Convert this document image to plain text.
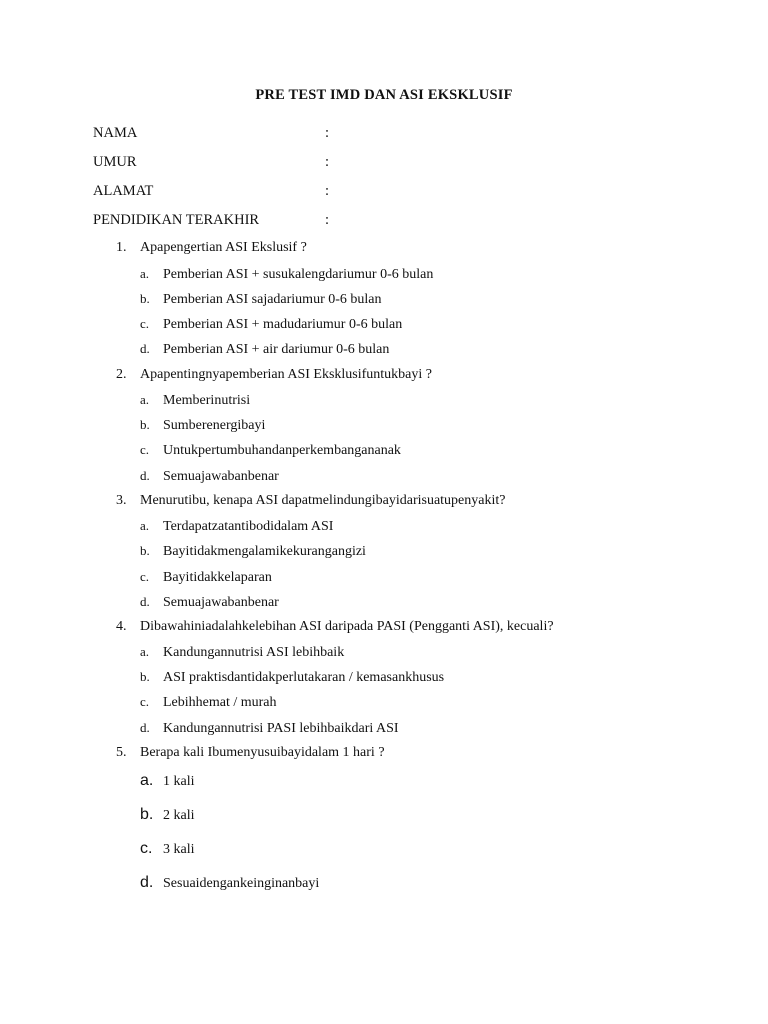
PRE TEST IMD DAN ASI EKSKLUSIF
NAMA	:
UMUR	:
ALAMAT	:
PENDIDIKAN TERAKHIR	:
1. Apapengertian ASI Ekslusif ?
a. Pemberian ASI + susukalengdariumur 0-6 bulan
b. Pemberian ASI sajadariumur 0-6 bulan
c. Pemberian ASI + madudariumur 0-6 bulan
d. Pemberian ASI + air dariumur 0-6 bulan
2. Apapentingnyapemberian ASI Eksklusifuntukbayi ?
a. Memberinutrisi
b. Sumberenergibayi
c. Untukpertumbuhandanperkembangananak
d. Semuajawabanbenar
3. Menurutibu, kenapa ASI dapatmelindungibayidarisuatupenyakit?
a. Terdapatzatantibodidalam ASI
b. Bayitidakmengalamikekurangangizi
c. Bayitidakkelaparan
d. Semuajawabanbenar
4. Dibawahiniadalahkelebihan ASI daripada PASI (Pengganti ASI), kecuali?
a. Kandungannutrisi ASI lebihbaik
b. ASI praktisdantidakperlutakaran / kemasankhusus
c. Lebihhemat / murah
d. Kandungannutrisi PASI lebihbaikdari ASI
5. Berapa kali Ibumenyusuibayidalam 1 hari ?
a. 1 kali
b. 2 kali
c. 3 kali
d. Sesuaidengankeinginanbayi
